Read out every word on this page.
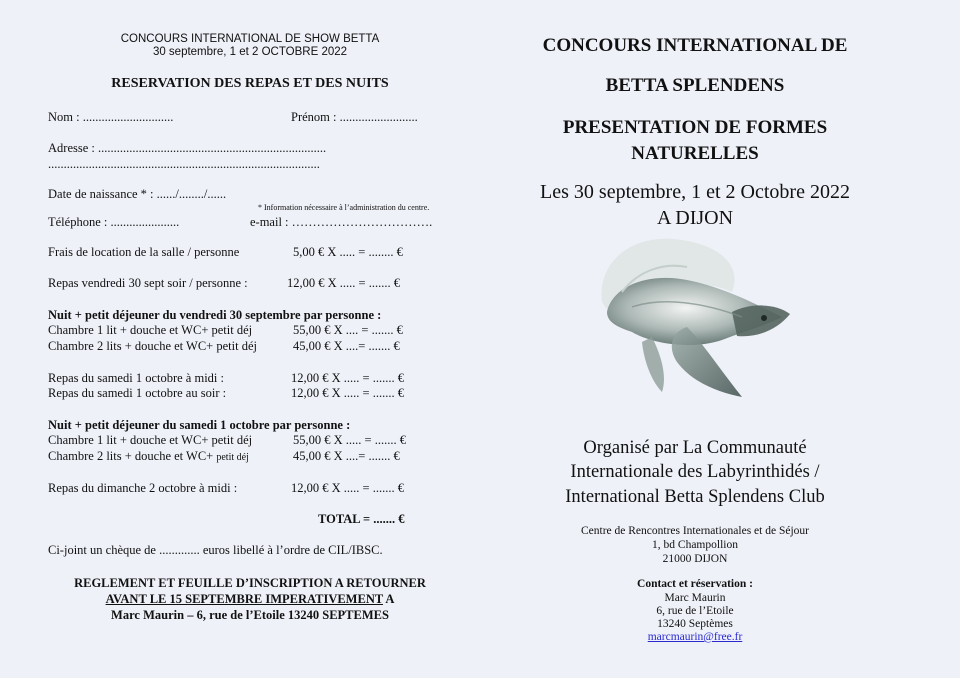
CONCOURS INTERNATIONAL DE SHOW BETTA
30 septembre, 1 et 2 OCTOBRE 2022
RESERVATION DES REPAS ET DES NUITS
Nom : .............................	Prénom : .........................
Adresse : .........................................................................
.......................................................................................
Date de naissance * : ....../......../......
* Information nécessaire à l’administration du centre.
Téléphone : ......................	e-mail : …………………………….
Frais de location de la salle / personne	5,00 € X ..... = ........ €
Repas vendredi 30 sept soir / personne :	12,00 € X ..... = ....... €
Nuit + petit déjeuner du vendredi 30 septembre par personne :
Chambre 1 lit + douche et WC+ petit déj	55,00 € X .... = ....... €
Chambre 2 lits + douche et WC+ petit déj	45,00 € X ....= ....... €
Repas du samedi 1 octobre à midi :	12,00 € X ..... = ....... €
Repas du samedi 1 octobre au soir :	12,00 € X ..... = ....... €
Nuit + petit déjeuner du samedi 1 octobre par personne :
Chambre 1 lit + douche et WC+ petit déj	55,00 € X ..... = ....... €
Chambre 2 lits + douche et WC+ petit déj	45,00 € X ....= ....... €
Repas du dimanche 2 octobre à midi :	12,00 € X ..... = ....... €
TOTAL = ....... €
Ci-joint un chèque de ............. euros libellé à l’ordre de CIL/IBSC.
REGLEMENT ET FEUILLE D’INSCRIPTION A RETOURNER
AVANT LE 15 SEPTEMBRE IMPERATIVEMENT A
Marc Maurin – 6, rue de l’Etoile 13240 SEPTEMES
CONCOURS INTERNATIONAL DE
BETTA SPLENDENS
PRESENTATION DE FORMES
NATURELLES
Les 30 septembre, 1 et 2 Octobre 2022
A DIJON
Organisé par La Communauté
Internationale des Labyrinthidés /
International Betta Splendens Club
Centre de Rencontres Internationales et de Séjour
1, bd Champollion
21000 DIJON
Contact et réservation :
Marc Maurin
6, rue de l’Etoile
13240 Septèmes
marcmaurin@free.fr
